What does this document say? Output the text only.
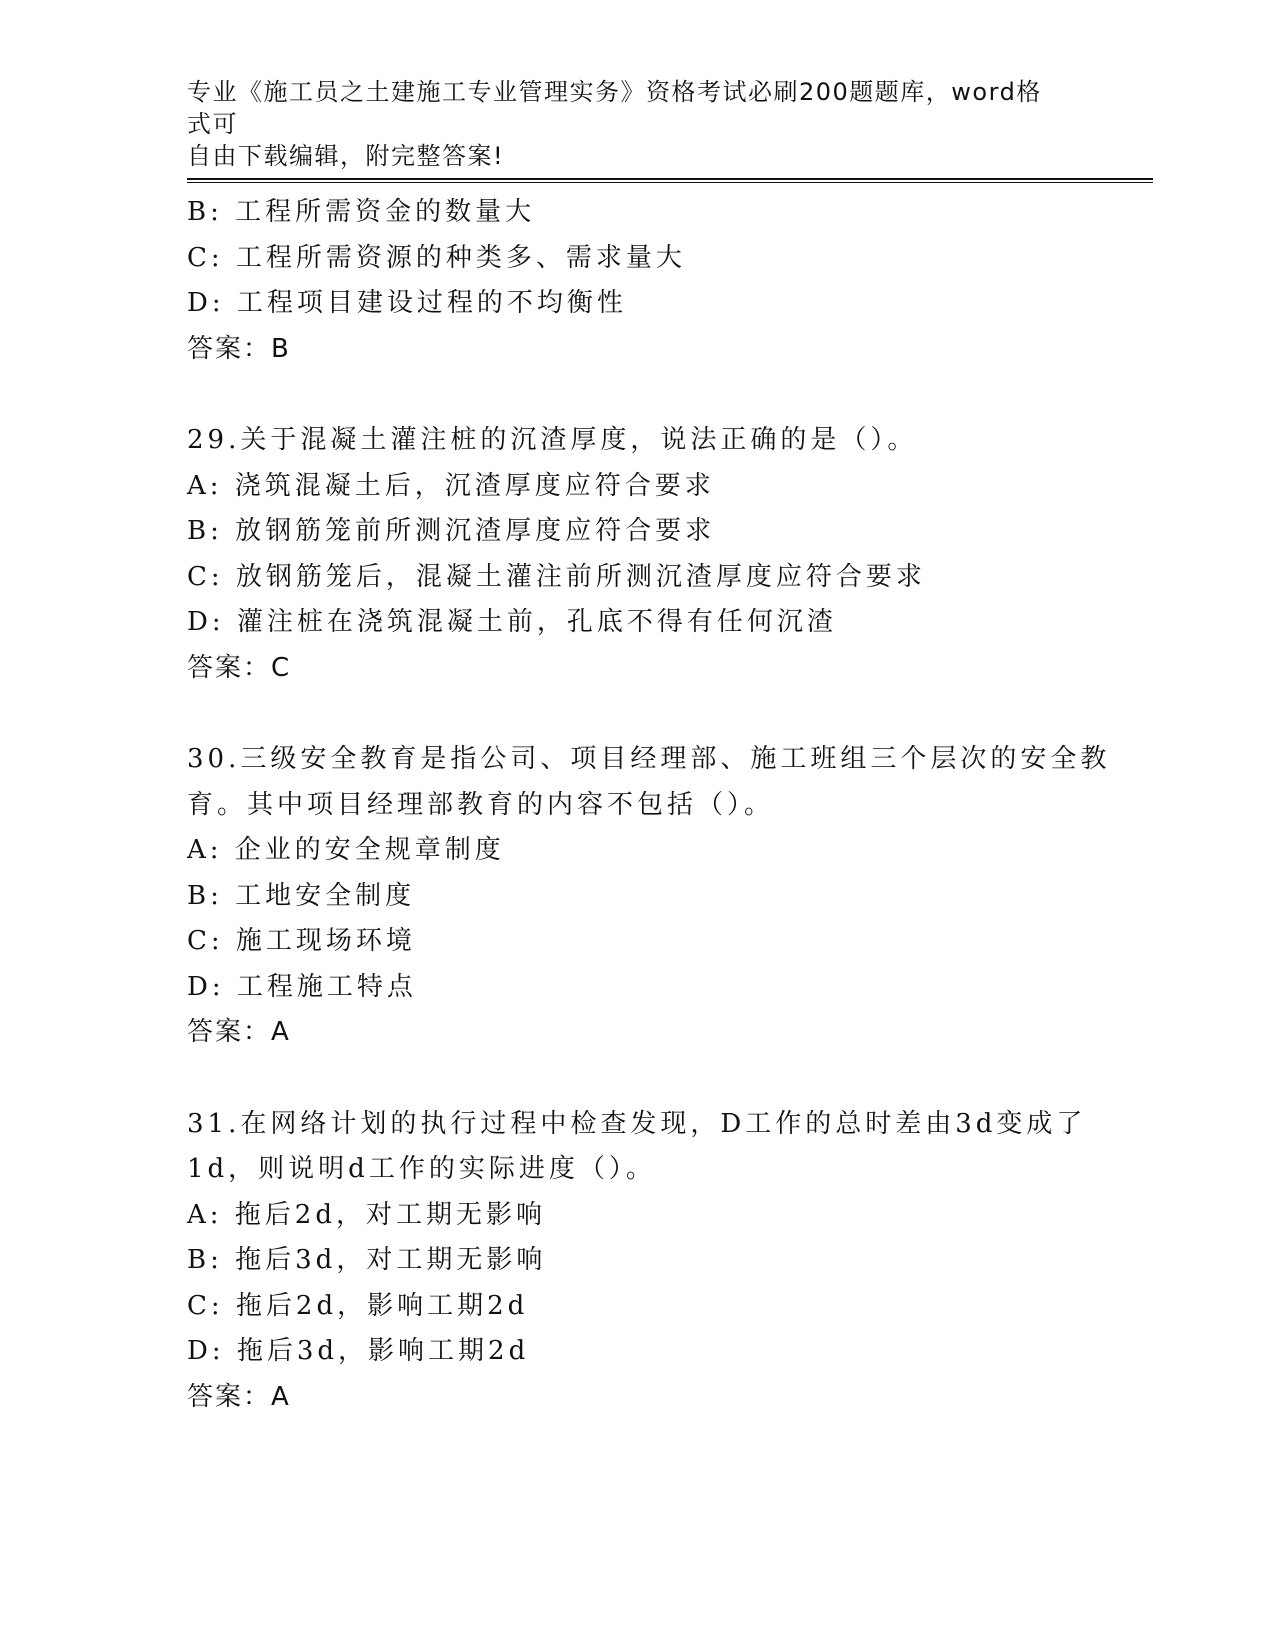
专业《施工员之土建施工专业管理实务》资格考试必刷200题题库，word格式可
自由下载编辑，附完整答案!
B: 工程所需资金的数量大
C: 工程所需资源的种类多、需求量大
D: 工程项目建设过程的不均衡性
答案：B
29.关于混凝土灌注桩的沉渣厚度，说法正确的是（）。
A: 浇筑混凝土后，沉渣厚度应符合要求
B: 放钢筋笼前所测沉渣厚度应符合要求
C: 放钢筋笼后，混凝土灌注前所测沉渣厚度应符合要求
D: 灌注桩在浇筑混凝土前，孔底不得有任何沉渣
答案：C
30.三级安全教育是指公司、项目经理部、施工班组三个层次的安全教
育。其中项目经理部教育的内容不包括（）。
A: 企业的安全规章制度
B: 工地安全制度
C: 施工现场环境
D: 工程施工特点
答案：A
31.在网络计划的执行过程中检查发现，D工作的总时差由3d变成了
1d，则说明d工作的实际进度（）。
A: 拖后2d，对工期无影响
B: 拖后3d，对工期无影响
C: 拖后2d，影响工期2d
D: 拖后3d，影响工期2d
答案：A
